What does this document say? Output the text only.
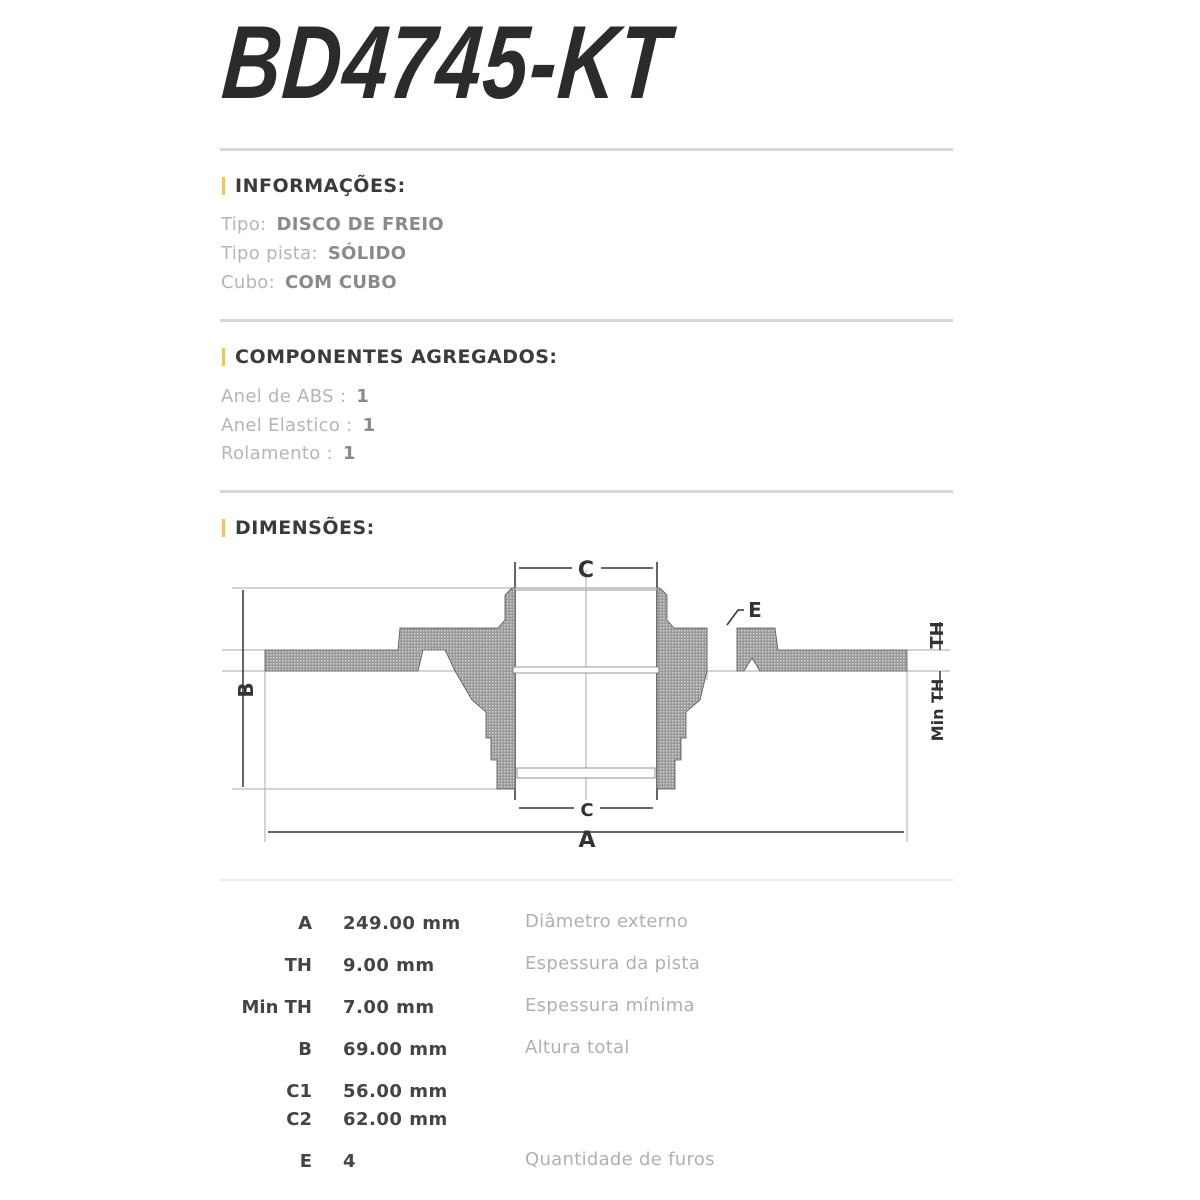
BD4745-KT
INFORMAÇÕES:
Tipo: DISCO DE FREIO
Tipo pista: SÓLIDO
Cubo: COM CUBO
COMPONENTES AGREGADOS:
Anel de ABS : 1
Anel Elastico : 1
Rolamento : 1
DIMENSÕES:
C
C
A
E
B
TH
Min TH
A 249.00 mm	Diâmetro externo
TH 9.00 mm	Espessura da pista
Min TH 7.00 mm	Espessura mínima
B 69.00 mm	Altura total
C1 56.00 mm
C2 62.00 mm
E 4	Quantidade de furos
